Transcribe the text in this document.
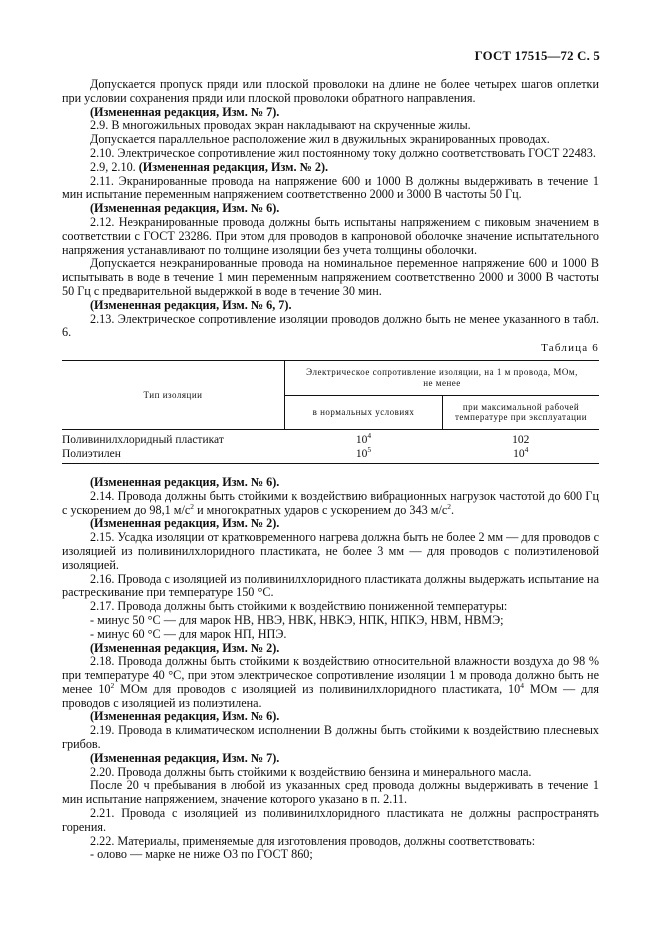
ГОСТ 17515—72 С. 5

Допускается пропуск пряди или плоской проволоки на длине не более четырех шагов оплетки при условии сохранения пряди или плоской проволоки обратного направления.

(Измененная редакция, Изм. № 7).

2.9. В многожильных проводах экран накладывают на скрученные жилы.

Допускается параллельное расположение жил в двужильных экранированных проводах.

2.10. Электрическое сопротивление жил постоянному току должно соответствовать ГОСТ 22483.

2.9, 2.10. (Измененная редакция, Изм. № 2).

2.11. Экранированные провода на напряжение 600 и 1000 В должны выдерживать в течение 1 мин испытание переменным напряжением соответственно 2000 и 3000 В частоты 50 Гц.

(Измененная редакция, Изм. № 6).

2.12. Неэкранированные провода должны быть испытаны напряжением с пиковым значением в соответствии с ГОСТ 23286. При этом для проводов в капроновой оболочке значение испытательного напряжения устанавливают по толщине изоляции без учета толщины оболочки.

Допускается неэкранированные провода на номинальное переменное напряжение 600 и 1000 В испытывать в воде в течение 1 мин переменным напряжением соответственно 2000 и 3000 В частоты 50 Гц с предварительной выдержкой в воде в течение 30 мин.

(Измененная редакция, Изм. № 6, 7).

2.13. Электрическое сопротивление изоляции проводов должно быть не менее указанного в табл. 6.

Таблица 6
Тип изоляции	Электрическое сопротивление изоляции, на 1 м провода, МОм, не менее	
	в нормальных условиях	при максимальной рабочей температуре при эксплуатации
Поливинилхлоридный пластикат	$10^4$	102
Полиэтилен	$10^5$	$10^4$

(Измененная редакция, Изм. № 6).

2.14. Провода должны быть стойкими к воздействию вибрационных нагрузок частотой до 600 Гц с ускорением до 98,1 $м/с^2$ и многократных ударов с ускорением до 343 $м/с^2$.

(Измененная редакция, Изм. № 2).

2.15. Усадка изоляции от кратковременного нагрева должна быть не более 2 мм — для проводов с изоляцией из поливинилхлоридного пластиката, не более 3 мм — для проводов с полиэтиленовой изоляцией.

2.16. Провода с изоляцией из поливинилхлоридного пластиката должны выдержать испытание на растрескивание при температуре 150 °С.

2.17. Провода должны быть стойкими к воздействию пониженной температуры:

- минус 50 °С — для марок НВ, НВЭ, НВК, НВКЭ, НПК, НПКЭ, НВМ, НВМЭ;

- минус 60 °С — для марок НП, НПЭ.

(Измененная редакция, Изм. № 2).

2.18. Провода должны быть стойкими к воздействию относительной влажности воздуха до 98 % при температуре 40 °С, при этом электрическое сопротивление изоляции 1 м провода должно быть не менее $10^2$ МОм для проводов с изоляцией из поливинилхлоридного пластиката, $10^4$ МОм — для проводов с изоляцией из полиэтилена.

(Измененная редакция, Изм. № 6).

2.19. Провода в климатическом исполнении В должны быть стойкими к воздействию плесневых грибов.

(Измененная редакция, Изм. № 7).

2.20. Провода должны быть стойкими к воздействию бензина и минерального масла.

После 20 ч пребывания в любой из указанных сред провода должны выдерживать в течение 1 мин испытание напряжением, значение которого указано в п. 2.11.

2.21. Провода с изоляцией из поливинилхлоридного пластиката не должны распространять горения.

2.22. Материалы, применяемые для изготовления проводов, должны соответствовать:

- олово — марке не ниже О3 по ГОСТ 860;
